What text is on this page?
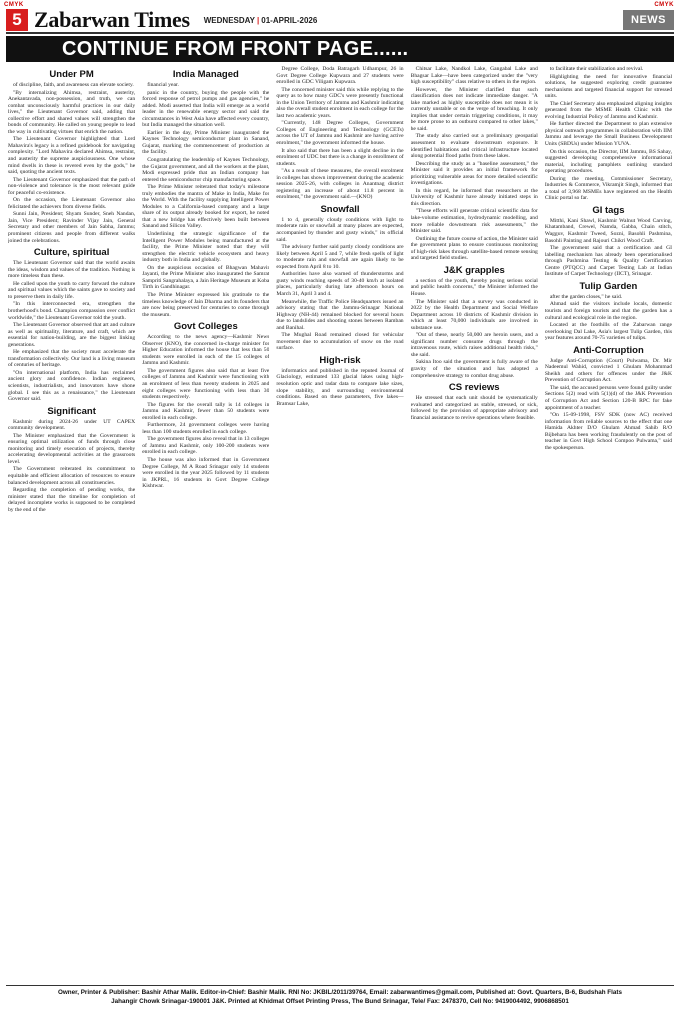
CMYK	CMYK
5 Zabarwan Times WEDNESDAY | 01-APRIL-2026	NEWS
CONTINUE FROM FRONT PAGE......
Under PM

of discipline, faith, and awareness can elevate society.

"By internalizing Ahimsa, restraint, austerity, Anekantavada, non-possession, and truth, we can combat unconsciously harmful practices in our daily lives," the Lieutenant Governor said, adding that collective effort and shared values will strengthen the bonds of community. He called on young people to lead the way in cultivating virtues that enrich the nation.

The Lieutenant Governor highlighted that Lord Mahavira's legacy is a refined guidebook for navigating complexity. "Lord Mahavira declared Ahimsa, restraint, and austerity the supreme auspiciousness. One whose mind dwells in these is revered even by the gods," he said, quoting the ancient texts.

The Lieutenant Governor emphasized that the path of non-violence and tolerance is the most relevant guide for peaceful co-existence.

On the occasion, the Lieutenant Governor also felicitated the achievers from diverse fields.

Sunni Jain, President; Shyam Sunder, Sneh Nandan, Jain, Vice President; Ravinder Vijay Jain, General Secretary and other members of Jain Sabha, Jammu; prominent citizens and people from different walks joined the celebrations.

Culture, spiritual

The Lieutenant Governor said that the world awaits the ideas, wisdom and values of the tradition. Nothing is more timeless than these.

He called upon the youth to carry forward the culture and spiritual values which the saints gave to society and to preserve them in daily life.

"In this interconnected era, strengthen the brotherhood's bond. Champion compassion over conflict worldwide," the Lieutenant Governor told the youth.

The Lieutenant Governor observed that art and culture as well as spirituality, literature, and craft, which are essential for nation-building, are the biggest linking generations.

He emphasized that the society must accelerate the transformation collectively. Our land is a living museum of centuries of heritage.

"On international platform, India has reclaimed ancient glory and confidence. Indian engineers, scientists, industrialists, and innovators have shone global. I see this as a renaissance," the Lieutenant Governor said.

Significant

Kashmir during 2024-26 under UT CAPEX community development.

The Minister emphasized that the Government is ensuring optimal utilization of funds through close monitoring and timely execution of projects, thereby accelerating developmental activities at the grassroots level.

The Government reiterated its commitment to equitable and efficient allocation of resources to ensure balanced development across all constituencies.

Regarding the completion of pending works, the minister stated that the timeline for completion of delayed incomplete works is supposed to be completed by the end of the

India Managed

financial year.

panic in the country, buying the people with the forced response of petrol pumps and gas agencies," he added. Modi asserted that India will emerge as a world leader in the renewable energy sector and said the circumstances in West Asia have affected every country, but India managed the situation well.

Earlier in the day, Prime Minister inaugurated the Kaynes Technology semiconductor plant in Sanand, Gujarat, marking the commencement of production at the facility.

Congratulating the leadership of Kaynes Technology, the Gujarat government, and all the workers at the plant, Modi expressed pride that an Indian company has entered the semiconductor chip manufacturing space.

The Prime Minister reiterated that today's milestone truly embodies the mantra of Make in India, Make for the World. With the facility supplying Intelligent Power Modules to a California-based company and a large share of its output already booked for export, he noted that a new bridge has effectively been built between Sanand and Silicon Valley.

Underlining the strategic significance of the Intelligent Power Modules being manufactured at the facility, the Prime Minister noted that they will strengthen the electric vehicle ecosystem and heavy industry both in India and globally.

On the auspicious occasion of Bhagwan Mahavir Jayanti, the Prime Minister also inaugurated the Samrat Sampriti Sangrahalaya, a Jain Heritage Museum at Koba Tirth in Gandhinagar.

The Prime Minister expressed his gratitude to the timeless knowledge of Jain Dharma and its founders that are now being preserved for centuries to come through the museum.

Govt Colleges

According to the news agency—Kashmir News Observer (KNO), the concerned in-charge minister for Higher Education informed the house that less than 50 students were enrolled in each of the 15 colleges of Jammu and Kashmir.

The government figures also said that at least five colleges of Jammu and Kashmir were functioning with an enrolment of less than twenty students in 2025 and eight colleges were functioning with less than 30 students respectively.

The figures for the overall tally is 14 colleges in Jammu and Kashmir, fewer than 50 students were enrolled in each college.

Furthermore, 24 government colleges were having less than 100 students enrolled in each college.

The government figures also reveal that in 13 colleges of Jammu and Kashmir, only 100-200 students were enrolled in each college.

The house was also informed that in Government Degree College, M A Road Srinagar only 14 students were enrolled in the year 2025 followed by 11 students in JKPRL, 16 students in Govt Degree College Kishtwar.

Degree College, Doda Batragarh Udhampur, 26 in Govt Degree College Kupwara and 27 students were enrolled in GDC Viligam Kupwara.

The concerned minister said this while replying to the query as to how many GDC's were presently functional in the Union Territory of Jammu and Kashmir indicating also the overall student enrolment in each college for the last two academic years.

"Currently, 148 Degree Colleges, Government Colleges of Engineering and Technology (GCETs) across the UT of Jammu and Kashmir are having active enrolment," the government informed the house.

It also said that there has been a slight decline in the enrolment of UDC but there is a change in enrollment of students.

"As a result of these measures, the overall enrolment in colleges has shown improvement during the academic session 2025-26, with colleges in Anantnag district registering an increase of about 11.8 percent in enrolment," the government said.—(KNO)

Snowfall

1 to 4, generally cloudy conditions with light to moderate rain or snowfall at many places are expected, accompanied by thunder and gusty winds," its official said.

The advisory further said partly cloudy conditions are likely between April 5 and 7, while fresh spells of light to moderate rain and snowfall are again likely to be expected from April 8 to 10.

Authorities have also warned of thunderstorms and gusty winds reaching speeds of 30-40 km/h at isolated places, particularly during late afternoon hours on March 31, April 3 and 4.

Meanwhile, the Traffic Police Headquarters issued an advisory stating that the Jammu-Srinagar National Highway (NH-44) remained blocked for several hours due to landslides and shooting stones between Ramban and Banihal.

The Mughal Road remained closed for vehicular movement due to accumulation of snow on the road surface.

High-risk

informatics and published in the reputed Journal of Glaciology, estimated 133 glacial lakes using high-resolution optic and radar data to compare lake sizes, slope stability, and surrounding environmental conditions. Based on these parameters, five lakes—Bramsar Lake,

Chitsar Lake, Nandkol Lake, Gangabal Lake and Bhagsar Lake—have been categorized under the "very high susceptibility" class relative to others in the region.

However, the Minister clarified that such classification does not indicate immediate danger. "A lake marked as highly susceptible does not mean it is currently unstable or on the verge of breaching. It only implies that under certain triggering conditions, it may be more prone to an outburst compared to other lakes," he said.

The study also carried out a preliminary geospatial assessment to evaluate downstream exposure. It identified habitations and critical infrastructure located along potential flood paths from these lakes.

Describing the study as a "baseline assessment," the Minister said it provides an initial framework for prioritizing vulnerable areas for more detailed scientific investigations.

In this regard, he informed that researchers at the University of Kashmir have already initiated steps in this direction.

"These efforts will generate critical scientific data for lake-volume estimation, hydrodynamic modelling, and more reliable downstream risk assessments," the Minister said.

Outlining the future course of action, the Minister said the government plans to ensure continuous monitoring of high-risk lakes through satellite-based remote sensing and targeted field studies.

J&K grapples

a section of the youth, thereby posing serious social and public health concerns," the Minister informed the House.

The Minister said that a survey was conducted in 2022 by the Health Department and Social Welfare Department across 10 districts of Kashmir division in which at least 70,000 individuals are involved in substance use.

"Out of these, nearly 50,000 are heroin users, and a significant number consume drugs through the intravenous route, which raises additional health risks," she said.

Sakina Itoo said the government is fully aware of the gravity of the situation and has adopted a comprehensive strategy to combat drug abuse.

CS reviews

He stressed that each unit should be systematically evaluated and categorized as stable, stressed, or sick, followed by the provision of appropriate advisory and financial assistance to revive operations where feasible.

to facilitate their stabilization and revival.

Highlighting the need for innovative financial solutions, he suggested exploring credit guarantee mechanisms and targeted financial support for stressed units.

The Chief Secretary also emphasized aligning insights generated from the MSME Health Clinic with the evolving Industrial Policy of Jammu and Kashmir.

He further directed the Department to plan extensive physical outreach programmes in collaboration with IIM Jammu and leverage the Small Business Development Units (SBDUs) under Mission YUVA.

On this occasion, the Director, IIM Jammu, BS Sahay, suggested developing comprehensive informational material, including pamphlets outlining standard operating procedures.

During the meeting, Commissioner Secretary, Industries & Commerce, Vikramjit Singh, informed that a total of 3,968 MSMEs have registered on the Health Clinic portal so far.

GI tags

Mitthi, Kani Shawl, Kashmir Walnut Wood Carving, Khatamband, Crewel, Namda, Gabba, Chain stitch, Wagguv, Kashmir Tweed, Sozni, Basohli Pashmina, Basohli Painting and Rajouri Chikri Wood Craft.

The government said that a certification and GI labelling mechanism has already been operationalised through Pashmina Testing & Quality Certification Centre (PTQCC) and Carpet Testing Lab at Indian Institute of Carpet Technology (IICT), Srinagar.

Tulip Garden

after the garden closes," he said.

Ahmad said the visitors include locals, domestic tourists and foreign tourists and that the garden has a cultural and ecological role in the region.

Located at the foothills of the Zabarwan range overlooking Dal Lake, Asia's largest Tulip Garden, this year features around 70-75 varieties of tulips.

Anti-Corruption

Judge Anti-Corruption (Court) Pulwama, Dr. Mir Nadeemul Wahid, convicted 1 Ghulam Mohammad Sheikh and others for offences under the J&K Prevention of Corruption Act.

The said, the accused persons were found guilty under Sections 5(2) read with 5(1)(d) of the J&K Prevention of Corruption Act and Section 120-B RPC for fake appointment of a teacher.

"On 15-09-1998, FSV SDK (now AC) received information from reliable sources to the effect that one Hamida Akhter D/O Ghulam Ahmad Sahib R/O Bijbehara has been working fraudulently on the post of teacher in Govt High School Compoo Pulwama," said the spokesperson.

Owner, Printer & Publisher: Bashir Athar Malik. Editor-in-Chief: Bashir Malik. RNI No: JKBIL/2011/39764, Email: zabarwantimes@gmail.com, Published at: Govt. Quarters, B-6, Budshah Flats
Jahangir Chowk Srinagar-190001 J&K. Printed at Khidmat Offset Printing Press, The Bund Srinagar, Tele/ Fax: 2478370, Cell No: 9419004492, 9906868501
